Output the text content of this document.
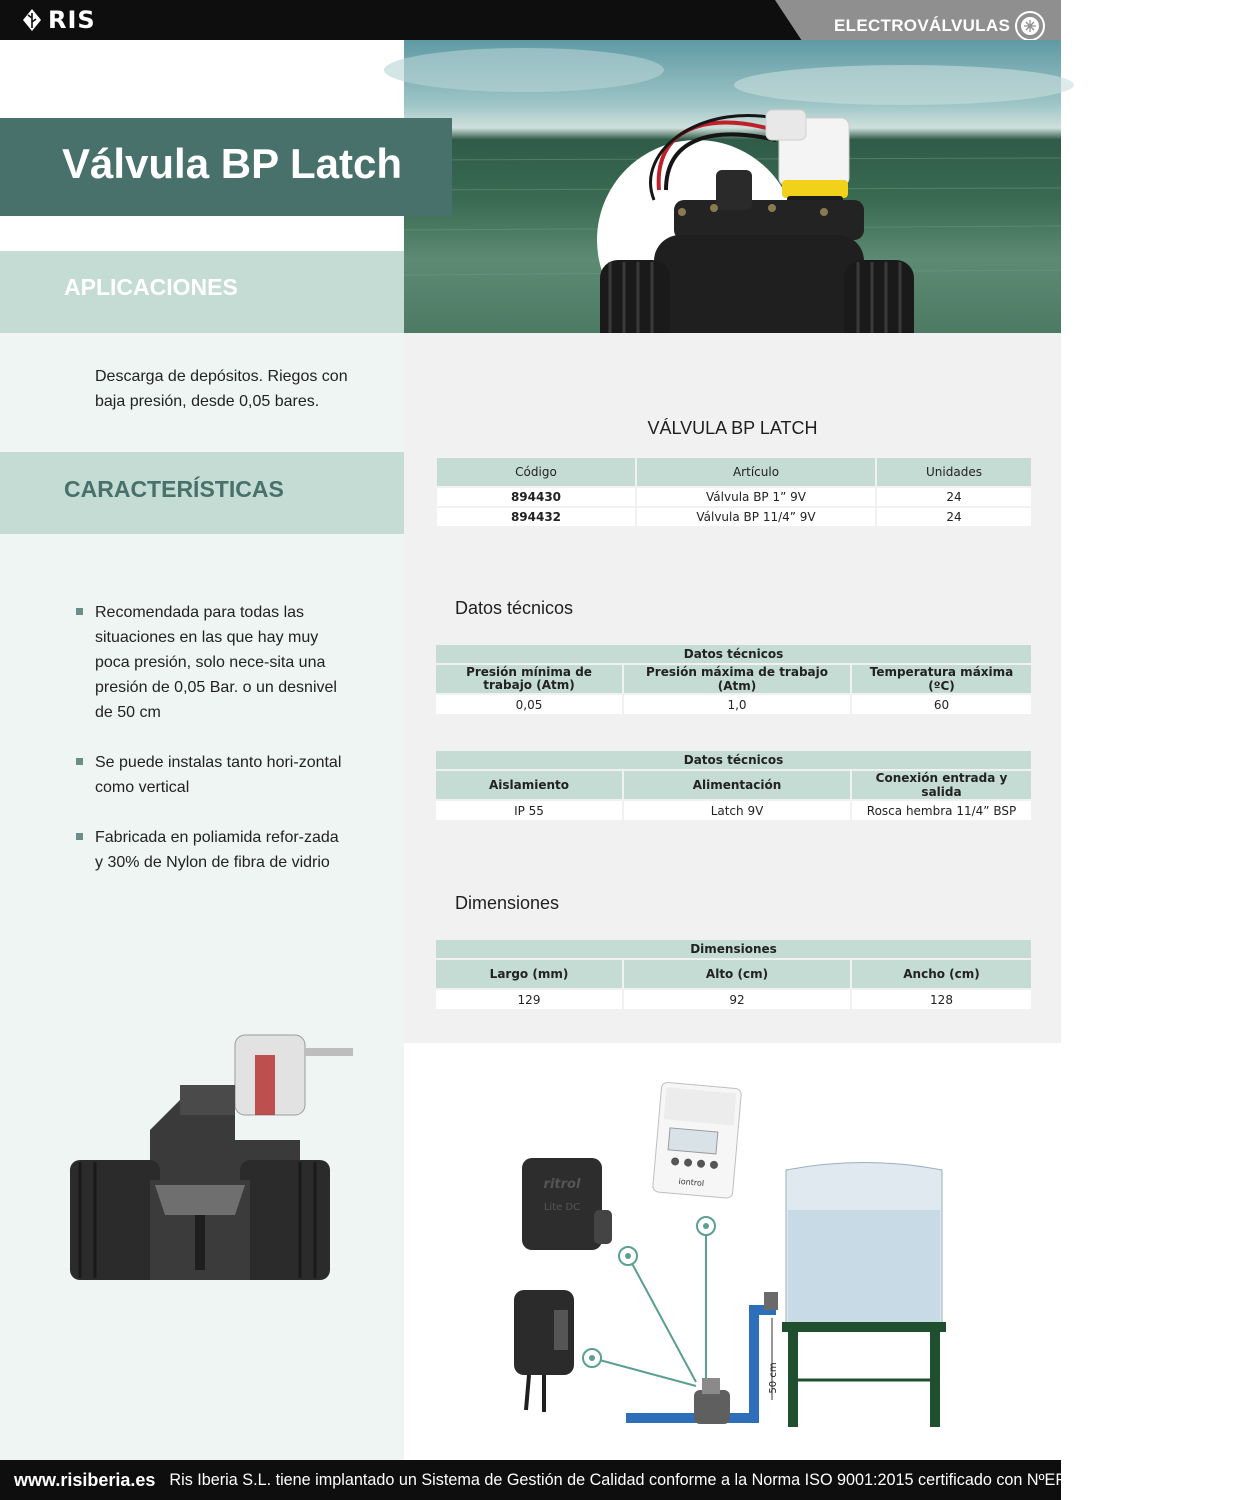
RIS	ELECTROVÁLVULAS
Válvula BP Latch
APLICACIONES
Descarga de depósitos. Riegos con baja presión, desde 0,05 bares.
CARACTERÍSTICAS
Recomendada para todas las situaciones en las que hay muy poca presión, solo nece-sita una presión de 0,05 Bar. o un desnivel de 50 cm
Se puede instalas tanto hori-zontal como vertical
Fabricada en poliamida refor-zada y 30% de Nylon de fibra de vidrio
VÁLVULA BP LATCH
Código	Artículo	Unidades
894430	Válvula BP 1” 9V	24
894432	Válvula BP 11/4” 9V	24
Datos técnicos
Datos técnicos		
Presión mínima de trabajo (Atm)	Presión máxima de trabajo (Atm)	Temperatura máxima (ºC)
0,05	1,0	60
Datos técnicos		
Aislamiento	Alimentación	Conexión entrada y salida
IP 55	Latch 9V	Rosca hembra 11/4” BSP
Dimensiones
Dimensiones		
Largo (mm)	Alto (cm)	Ancho (cm)
129	92	128
iontrol
ritrol
Lite DC
50 cm
www.risiberia.es Ris Iberia S.L. tiene implantado un Sistema de Gestión de Calidad conforme a la Norma ISO 9001:2015 certificado con NºER-0461/2021 por AENOR
